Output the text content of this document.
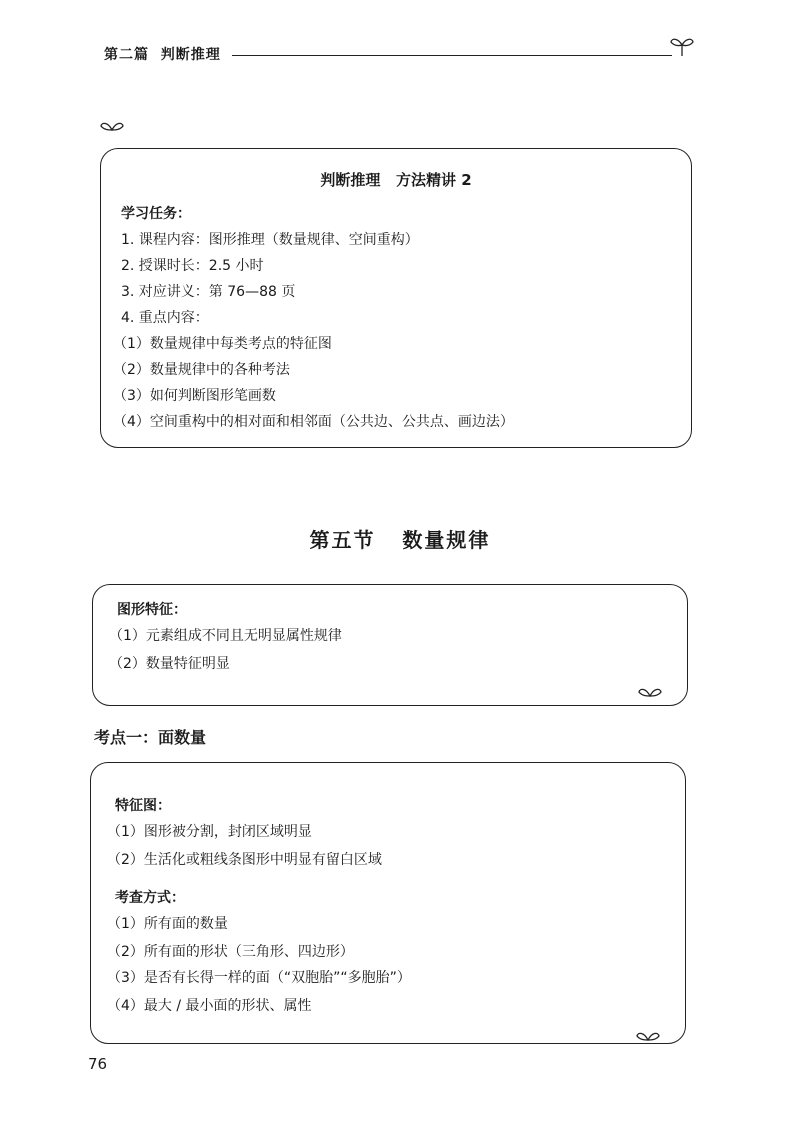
第二篇  判断推理
判断推理   方法精讲 2
学习任务：
1. 课程内容：图形推理（数量规律、空间重构）
2. 授课时长：2.5 小时
3. 对应讲义：第 76—88 页
4. 重点内容：
（1）数量规律中每类考点的特征图
（2）数量规律中的各种考法
（3）如何判断图形笔画数
（4）空间重构中的相对面和相邻面（公共边、公共点、画边法）
第五节   数量规律
图形特征：
（1）元素组成不同且无明显属性规律
（2）数量特征明显
考点一：面数量
特征图：
（1）图形被分割，封闭区域明显
（2）生活化或粗线条图形中明显有留白区域
考查方式：
（1）所有面的数量
（2）所有面的形状（三角形、四边形）
（3）是否有长得一样的面（“双胞胎”“多胞胎”）
（4）最大 / 最小面的形状、属性
76
